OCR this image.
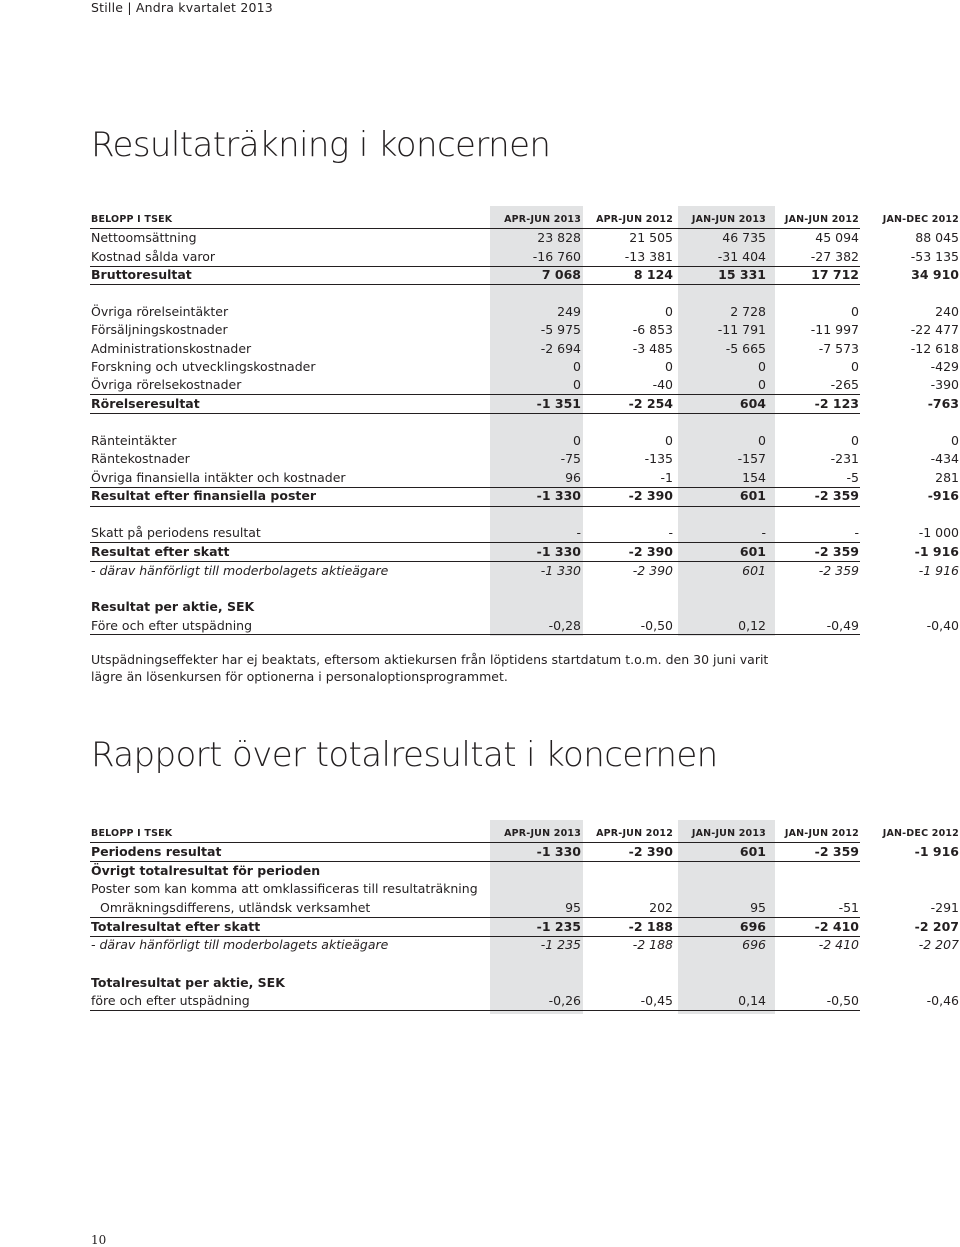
Stille | Andra kvartalet 2013
Resultaträkning i koncernen
BELOPP I TSEK	APR-JUN 2013	APR-JUN 2012	JAN-JUN 2013	JAN-JUN 2012	JAN-DEC 2012
Nettoomsättning	23 828	21 505	46 735	45 094	88 045
Kostnad sålda varor	-16 760	-13 381	-31 404	-27 382	-53 135
Bruttoresultat	7 068	8 124	15 331	17 712	34 910
Övriga rörelseintäkter	249	0	2 728	0	240
Försäljningskostnader	-5 975	-6 853	-11 791	-11 997	-22 477
Administrationskostnader	-2 694	-3 485	-5 665	-7 573	-12 618
Forskning och utvecklingskostnader	0	0	0	0	-429
Övriga rörelsekostnader	0	-40	0	-265	-390
Rörelseresultat	-1 351	-2 254	604	-2 123	-763
Ränteintäkter	0	0	0	0	0
Räntekostnader	-75	-135	-157	-231	-434
Övriga finansiella intäkter och kostnader	96	-1	154	-5	281
Resultat efter finansiella poster	-1 330	-2 390	601	-2 359	-916
Skatt på periodens resultat	-	-	-	-	-1 000
Resultat efter skatt	-1 330	-2 390	601	-2 359	-1 916
- därav hänförligt till moderbolagets aktieägare	-1 330	-2 390	601	-2 359	-1 916
Resultat per aktie, SEK
Före och efter utspädning	-0,28	-0,50	0,12	-0,49	-0,40
Rapport över totalresultat i koncernen
BELOPP I TSEK	APR-JUN 2013	APR-JUN 2012	JAN-JUN 2013	JAN-JUN 2012	JAN-DEC 2012
Periodens resultat	-1 330	-2 390	601	-2 359	-1 916
Övrigt totalresultat för perioden
Poster som kan komma att omklassificeras till resultaträkning
Omräkningsdifferens, utländsk verksamhet	95	202	95	-51	-291
Totalresultat efter skatt	-1 235	-2 188	696	-2 410	-2 207
- därav hänförligt till moderbolagets aktieägare	-1 235	-2 188	696	-2 410	-2 207
Totalresultat per aktie, SEK
före och efter utspädning	-0,26	-0,45	0,14	-0,50	-0,46
Utspädningseffekter har ej beaktats, eftersom aktiekursen från löptidens startdatum t.o.m. den 30 juni varit
lägre än lösenkursen för optionerna i personaloptionsprogrammet.
10
